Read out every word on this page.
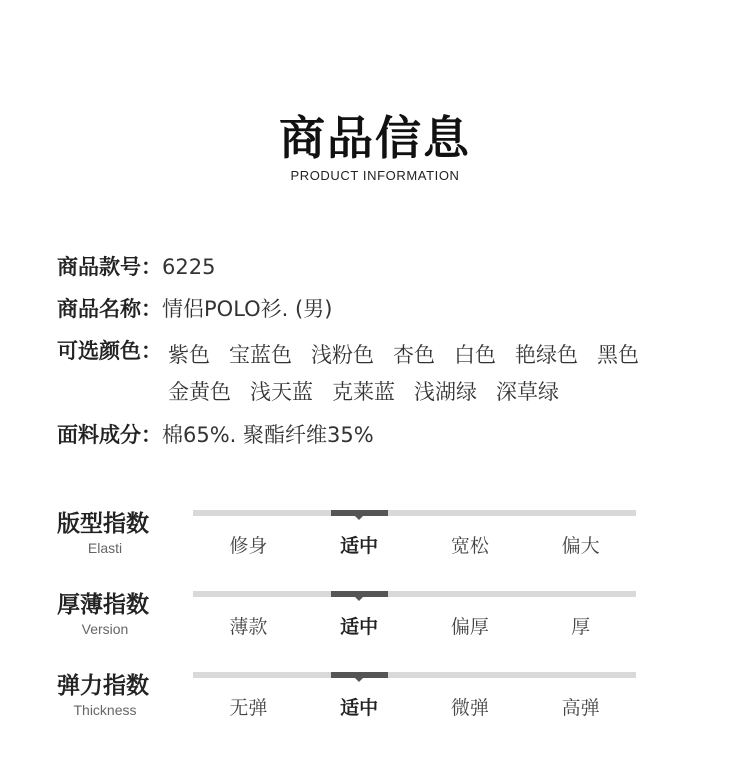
商品信息
PRODUCT INFORMATION
商品款号：6225
商品名称：情侣POLO衫. (男)
可选颜色： 紫色 宝蓝色 浅粉色 杏色 白色 艳绿色 黑色
金黄色 浅天蓝 克莱蓝 浅湖绿 深草绿
面料成分：棉65%. 聚酯纤维35%
版型指数
Elasti	修身	适中	宽松	偏大
厚薄指数
Version	薄款	适中	偏厚	厚
弹力指数
Thickness	无弹	适中	微弹	高弹
